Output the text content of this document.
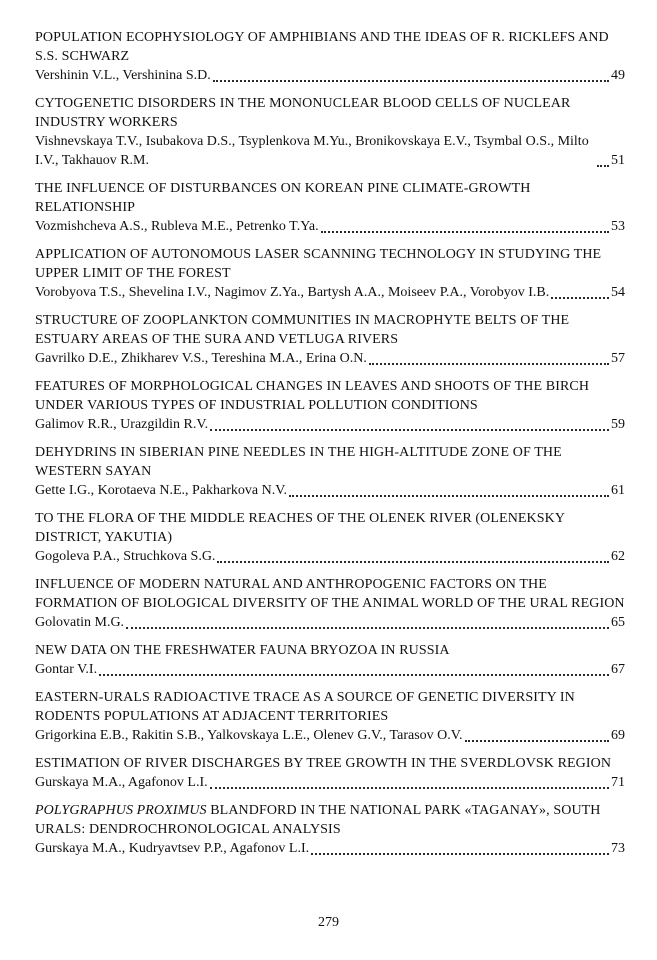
POPULATION ECOPHYSIOLOGY OF AMPHIBIANS AND THE IDEAS OF R. RICKLEFS AND S.S. SCHWARZ
Vershinin V.L., Vershinina S.D.	49
CYTOGENETIC DISORDERS IN THE MONONUCLEAR BLOOD CELLS OF NUCLEAR INDUSTRY WORKERS
Vishnevskaya T.V., Isubakova D.S., Tsyplenkova M.Yu., Bronikovskaya E.V., Tsymbal O.S., Milto I.V., Takhauov R.M.	51
THE INFLUENCE OF DISTURBANCES ON KOREAN PINE CLIMATE-GROWTH RELATIONSHIP
Vozmishcheva A.S., Rubleva M.E., Petrenko T.Ya.	53
APPLICATION OF AUTONOMOUS LASER SCANNING TECHNOLOGY IN STUDYING THE UPPER LIMIT OF THE FOREST
Vorobyova T.S., Shevelina I.V., Nagimov Z.Ya., Bartysh A.A., Moiseev P.A., Vorobyov I.B.	54
STRUCTURE OF ZOOPLANKTON COMMUNITIES IN MACROPHYTE BELTS OF THE ESTUARY AREAS OF THE SURA AND VETLUGA RIVERS
Gavrilko D.E., Zhikharev V.S., Tereshina M.A., Erina O.N.	57
FEATURES OF MORPHOLOGICAL CHANGES IN LEAVES AND SHOOTS OF THE BIRCH UNDER VARIOUS TYPES OF INDUSTRIAL POLLUTION CONDITIONS
Galimov R.R., Urazgildin R.V.	59
DEHYDRINS IN SIBERIAN PINE NEEDLES IN THE HIGH-ALTITUDE ZONE OF THE WESTERN SAYAN
Gette I.G., Korotaeva N.E., Pakharkova N.V.	61
TO THE FLORA OF THE MIDDLE REACHES OF THE OLENEK RIVER (OLENEKSKY DISTRICT, YAKUTIA)
Gogoleva P.A., Struchkova S.G.	62
INFLUENCE OF MODERN NATURAL AND ANTHROPOGENIC FACTORS ON THE FORMATION OF BIOLOGICAL DIVERSITY OF THE ANIMAL WORLD OF THE URAL REGION
Golovatin M.G.	65
NEW DATA ON THE FRESHWATER FAUNA BRYOZOA IN RUSSIA
Gontar V.I.	67
EASTERN-URALS RADIOACTIVE TRACE AS A SOURCE OF GENETIC DIVERSITY IN RODENTS POPULATIONS AT ADJACENT TERRITORIES
Grigorkina E.B., Rakitin S.B., Yalkovskaya L.E., Olenev G.V., Tarasov O.V.	69
ESTIMATION OF RIVER DISCHARGES BY TREE GROWTH IN THE SVERDLOVSK REGION
Gurskaya M.A., Agafonov L.I.	71
POLYGRAPHUS PROXIMUS BLANDFORD IN THE NATIONAL PARK «TAGANAY», SOUTH URALS: DENDROCHRONOLOGICAL ANALYSIS
Gurskaya M.A., Kudryavtsev P.P., Agafonov L.I.	73
279
